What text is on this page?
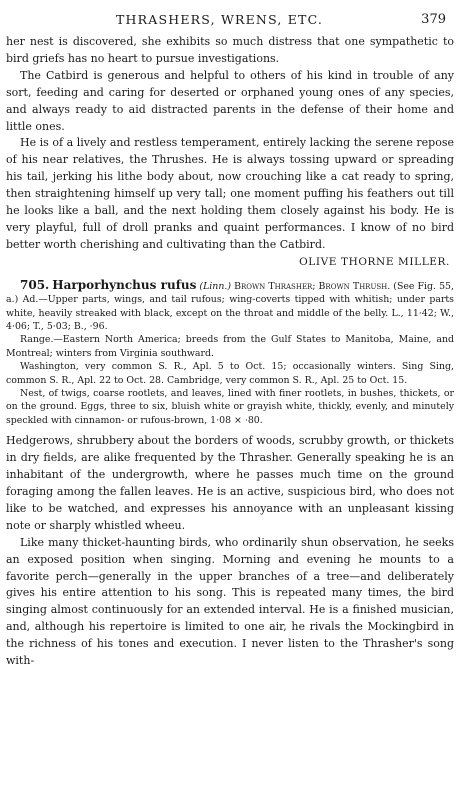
THRASHERS, WRENS, ETC.	379

her nest is discovered, she exhibits so much distress that one sympathetic to bird griefs has no heart to pursue investigations.

The Catbird is generous and helpful to others of his kind in trouble of any sort, feeding and caring for deserted or orphaned young ones of any species, and always ready to aid distracted parents in the defense of their home and little ones.

He is of a lively and restless temperament, entirely lacking the serene repose of his near relatives, the Thrushes. He is always tossing upward or spreading his tail, jerking his lithe body about, now crouching like a cat ready to spring, then straightening himself up very tall; one moment puffing his feathers out till he looks like a ball, and the next holding them closely against his body. He is very playful, full of droll pranks and quaint performances. I know of no bird better worth cherishing and cultivating than the Catbird.

OLIVE THORNE MILLER.

705. Harporhynchus rufus (Linn.) Brown Thrasher; Brown Thrush. (See Fig. 55, a.) Ad.—Upper parts, wings, and tail rufous; wing-coverts tipped with whitish; under parts white, heavily streaked with black, except on the throat and middle of the belly. L., 11·42; W., 4·06; T., 5·03; B., ·96.

Range.—Eastern North America; breeds from the Gulf States to Manitoba, Maine, and Montreal; winters from Virginia southward.

Washington, very common S. R., Apl. 5 to Oct. 15; occasionally winters. Sing Sing, common S. R., Apl. 22 to Oct. 28. Cambridge, very common S. R., Apl. 25 to Oct. 15.

Nest, of twigs, coarse rootlets, and leaves, lined with finer rootlets, in bushes, thickets, or on the ground. Eggs, three to six, bluish white or grayish white, thickly, evenly, and minutely speckled with cinnamon- or rufous-brown, 1·08 × ·80.

Hedgerows, shrubbery about the borders of woods, scrubby growth, or thickets in dry fields, are alike frequented by the Thrasher. Generally speaking he is an inhabitant of the undergrowth, where he passes much time on the ground foraging among the fallen leaves. He is an active, suspicious bird, who does not like to be watched, and expresses his annoyance with an unpleasant kissing note or sharply whistled wheeu.

Like many thicket-haunting birds, who ordinarily shun observation, he seeks an exposed position when singing. Morning and evening he mounts to a favorite perch—generally in the upper branches of a tree—and deliberately gives his entire attention to his song. This is repeated many times, the bird singing almost continuously for an extended interval. He is a finished musician, and, although his repertoire is limited to one air, he rivals the Mockingbird in the richness of his tones and execution. I never listen to the Thrasher's song with-
